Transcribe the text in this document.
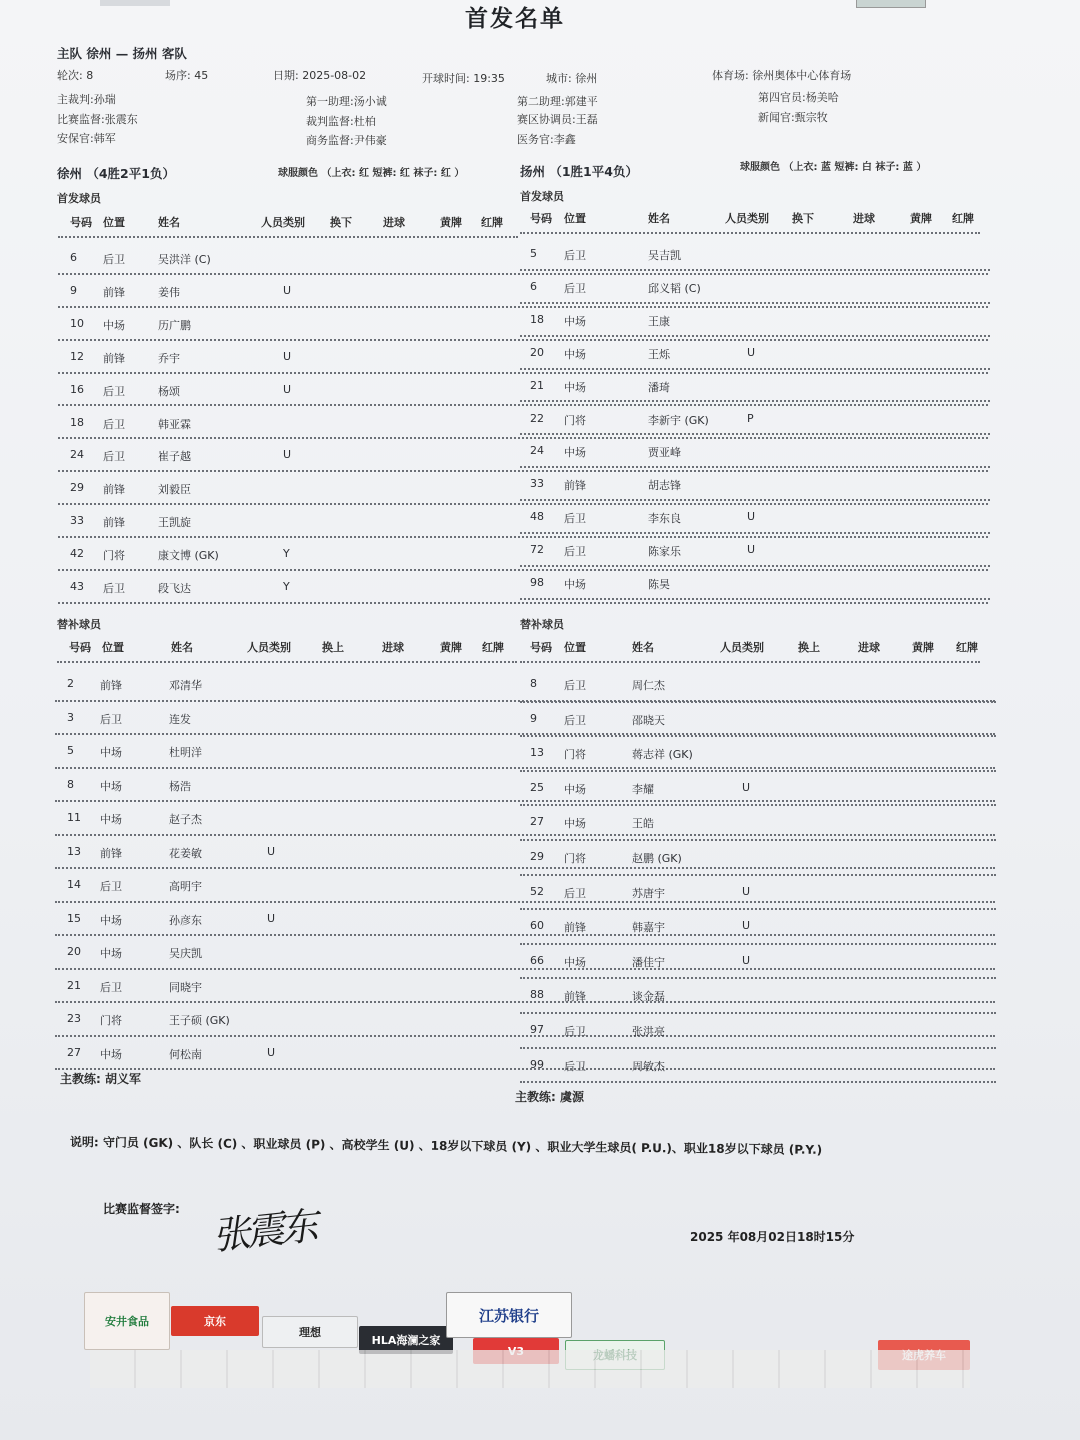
首发名单
主队 徐州 — 扬州 客队
轮次: 8	场序: 45	日期: 2025-08-02	开球时间: 19:35	城市: 徐州	体育场: 徐州奥体中心体育场
主裁判:孙瑞	第一助理:汤小诚	第二助理:郭建平	第四官员:杨美哈
比赛监督:张震东	裁判监督:杜柏	赛区协调员:王磊	新闻官:甄宗牧
安保官:韩军	商务监督:尹伟豪	医务官:李鑫
徐州 （4胜2平1负）	球服颜色 （上衣: 红 短裤: 红 袜子: 红 ）	扬州 （1胜1平4负）	球服颜色 （上衣: 蓝 短裤: 白 袜子: 蓝 ）
首发球员	首发球员
号码 位置	姓名	人员类别 换下	进球	黄牌 红牌 号码 位置	姓名	人员类别 换下	进球	黄牌 红牌
6 后卫	吴洪洋 (C)
9 前锋	姜伟	U
10 中场	历广鹏
12 前锋	乔宇	U
16 后卫	杨颂	U
18 后卫	韩亚霖
24 后卫	崔子越	U
29 前锋	刘毅臣
33 前锋	王凯旋
42 门将	康文博 (GK)	Y
43 后卫	段飞达	Y
5 后卫	吴吉凯
6 后卫	邱义韬 (C)
18 中场	王康
20 中场	王烁	U
21 中场	潘琦
22 门将	李新宇 (GK)	P
24 中场	贾亚峰
33 前锋	胡志锋
48 后卫	李东良	U
72 后卫	陈家乐	U
98 中场	陈昊
替补球员	替补球员
号码 位置	姓名	人员类别	换上	进球	黄牌 红牌 号码 位置	姓名	人员类别	换上	进球	黄牌 红牌
2 前锋	邓清华
3 后卫	连发
5 中场	杜明洋
8 中场	杨浩
11 中场	赵子杰
13 前锋	花姜敏	U
14 后卫	高明宇
15 中场	孙彦东	U
20 中场	吴庆凯
21 后卫	同晓宇
23 门将	王子硕 (GK)
27 中场	何松南	U
8 后卫	周仁杰
9 后卫	邵晓天
13 门将	蒋志祥 (GK)
25 中场	李耀	U
27 中场	王皓
29 门将	赵鹏 (GK)
52 后卫	苏唐宇	U
60 前锋	韩嘉宇	U
66 中场	潘佳宁	U
88 前锋	谈金磊
97 后卫	张洪亮
99 后卫	周敏杰
主教练: 胡义军
主教练: 虞源
说明: 守门员 (GK) 、队长 (C) 、职业球员 (P) 、高校学生 (U) 、18岁以下球员 (Y) 、职业大学生球员( P.U.)、职业18岁以下球员 (P.Y.)
比赛监督签字: 张震东	2025 年08月02日18时15分
安井食品	京东
理想
HLA海澜之家
江苏银行
